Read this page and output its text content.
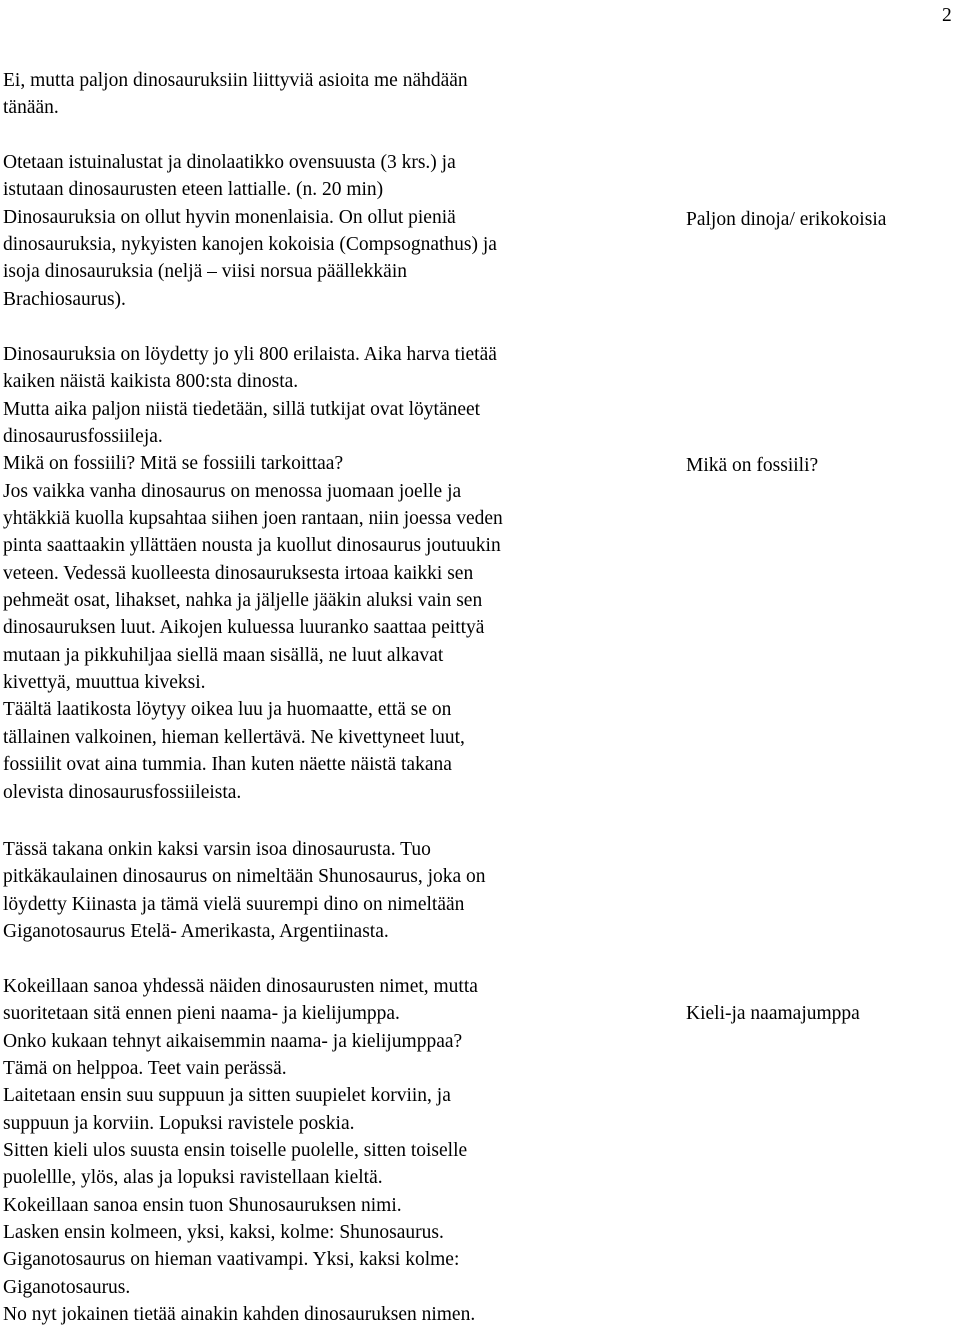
2
Ei, mutta paljon dinosauruksiin liittyviä asioita me nähdään
tänään.
Otetaan istuinalustat ja dinolaatikko ovensuusta (3 krs.) ja
istutaan dinosaurusten eteen lattialle. (n. 20 min)
Dinosauruksia on ollut hyvin monenlaisia. On ollut pieniä
dinosauruksia, nykyisten kanojen kokoisia (Compsognathus) ja
isoja dinosauruksia (neljä – viisi norsua päällekkäin
Brachiosaurus).
Dinosauruksia on löydetty jo yli 800 erilaista. Aika harva tietää
kaiken näistä kaikista 800:sta dinosta.
Mutta aika paljon niistä tiedetään, sillä tutkijat ovat löytäneet
dinosaurusfossiileja.
Mikä on fossiili? Mitä se fossiili tarkoittaa?
Jos vaikka vanha dinosaurus on menossa juomaan joelle ja
yhtäkkiä kuolla kupsahtaa siihen joen rantaan, niin joessa veden
pinta saattaakin yllättäen nousta ja kuollut dinosaurus joutuukin
veteen. Vedessä kuolleesta dinosauruksesta irtoaa kaikki sen
pehmeät osat, lihakset, nahka ja jäljelle jääkin aluksi vain sen
dinosauruksen luut. Aikojen kuluessa luuranko saattaa peittyä
mutaan ja pikkuhiljaa siellä maan sisällä, ne luut alkavat
kivettyä, muuttua kiveksi.
Täältä laatikosta löytyy oikea luu ja huomaatte, että se on
tällainen valkoinen, hieman kellertävä. Ne kivettyneet luut,
fossiilit ovat aina tummia. Ihan kuten näette näistä takana
olevista dinosaurusfossiileista.
Tässä takana onkin kaksi varsin isoa dinosaurusta. Tuo
pitkäkaulainen dinosaurus on nimeltään Shunosaurus, joka on
löydetty Kiinasta ja tämä vielä suurempi dino on nimeltään
Giganotosaurus Etelä- Amerikasta, Argentiinasta.
Kokeillaan sanoa yhdessä näiden dinosaurusten nimet, mutta
suoritetaan sitä ennen pieni naama- ja kielijumppa.
Onko kukaan tehnyt aikaisemmin naama- ja kielijumppaa?
Tämä on helppoa. Teet vain perässä.
Laitetaan ensin suu suppuun ja sitten suupielet korviin, ja
suppuun ja korviin. Lopuksi ravistele poskia.
Sitten kieli ulos suusta ensin toiselle puolelle, sitten toiselle
puolellle, ylös, alas ja lopuksi ravistellaan kieltä.
Kokeillaan sanoa ensin tuon Shunosauruksen nimi.
Lasken ensin kolmeen, yksi, kaksi, kolme: Shunosaurus.
Giganotosaurus on hieman vaativampi. Yksi, kaksi kolme:
Giganotosaurus.
No nyt jokainen tietää ainakin kahden dinosauruksen nimen.
Paljon dinoja/ erikokoisia
Mikä on fossiili?
Kieli-ja naamajumppa
